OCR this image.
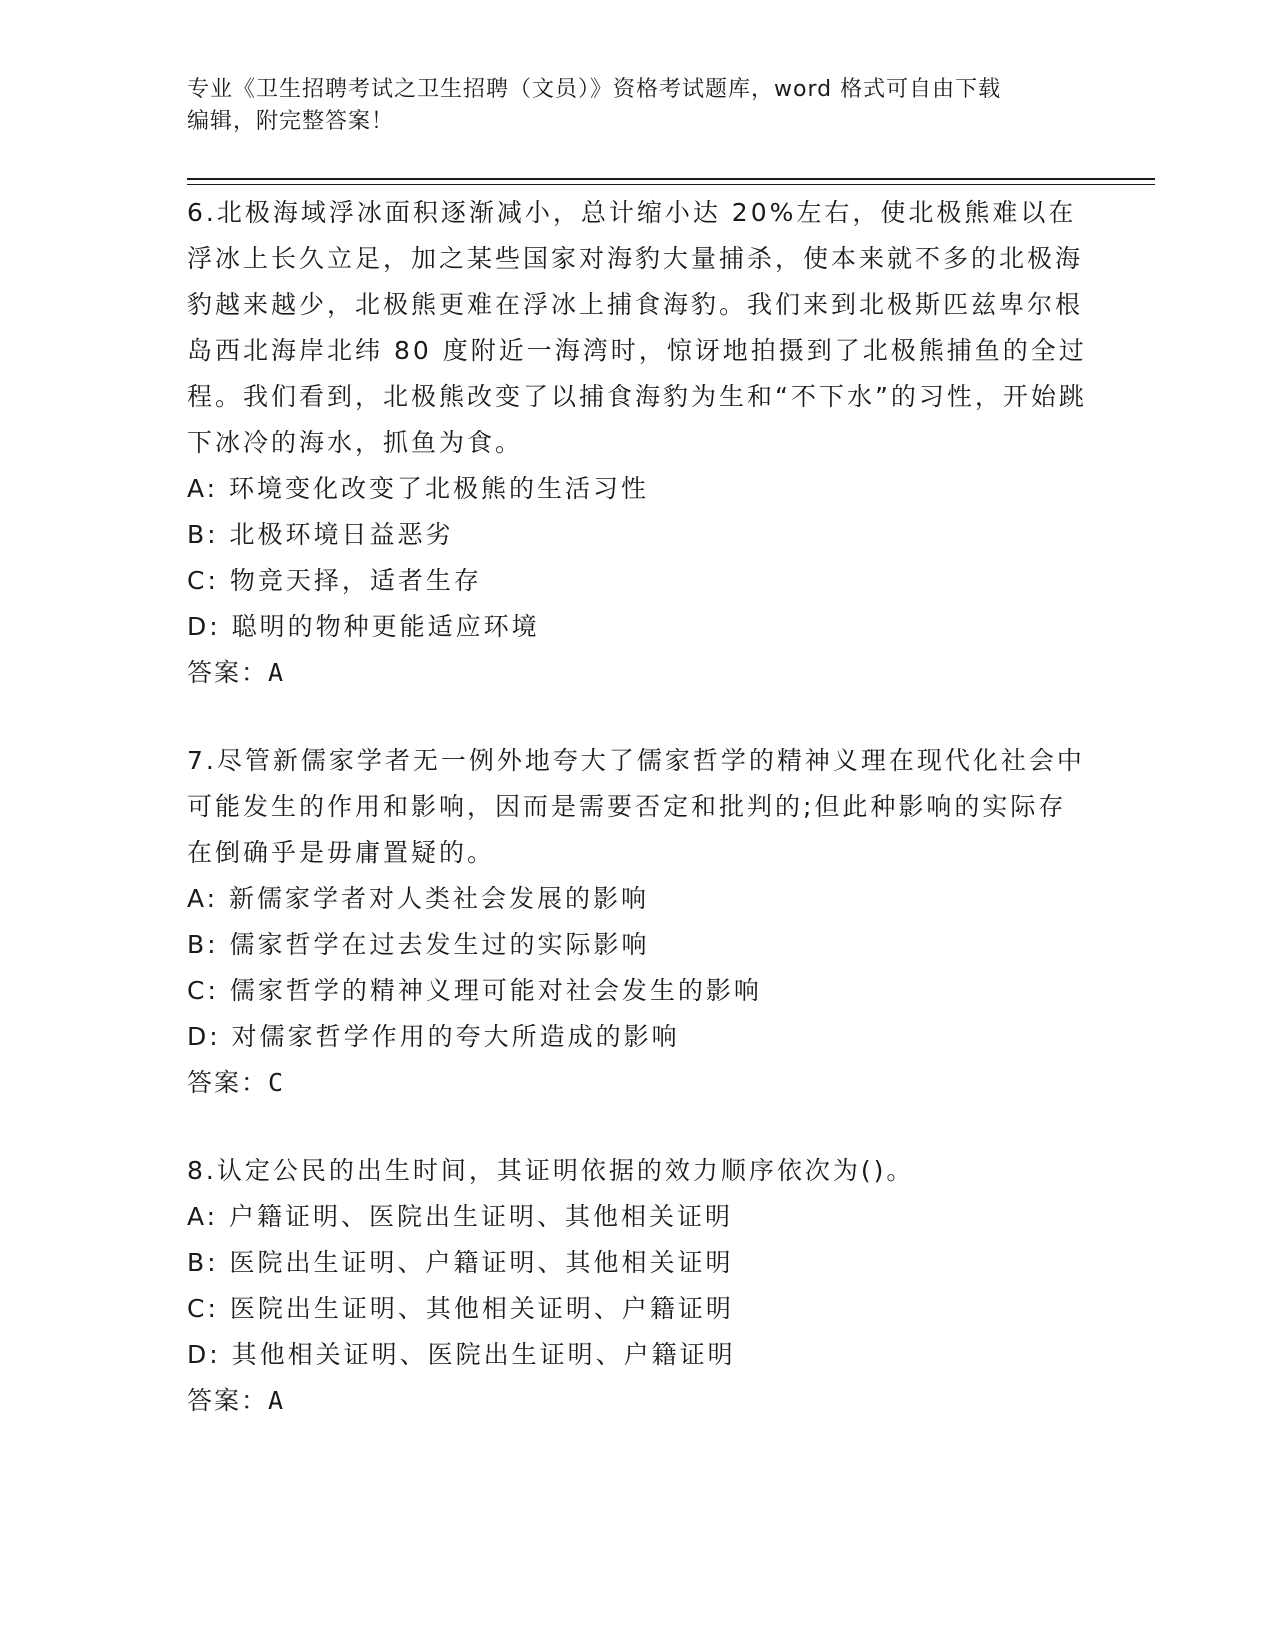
专业《卫生招聘考试之卫生招聘（文员）》资格考试题库，word 格式可自由下载
编辑，附完整答案！
6.北极海域浮冰面积逐渐减小，总计缩小达 20%左右，使北极熊难以在浮冰上长久立足，加之某些国家对海豹大量捕杀，使本来就不多的北极海豹越来越少，北极熊更难在浮冰上捕食海豹。我们来到北极斯匹兹卑尔根岛西北海岸北纬 80 度附近一海湾时，惊讶地拍摄到了北极熊捕鱼的全过程。我们看到，北极熊改变了以捕食海豹为生和“不下水”的习性，开始跳下冰冷的海水，抓鱼为食。
A: 环境变化改变了北极熊的生活习性
B: 北极环境日益恶劣
C: 物竞天择，适者生存
D: 聪明的物种更能适应环境
答案：A
7.尽管新儒家学者无一例外地夸大了儒家哲学的精神义理在现代化社会中可能发生的作用和影响，因而是需要否定和批判的;但此种影响的实际存在倒确乎是毋庸置疑的。
A: 新儒家学者对人类社会发展的影响
B: 儒家哲学在过去发生过的实际影响
C: 儒家哲学的精神义理可能对社会发生的影响
D: 对儒家哲学作用的夸大所造成的影响
答案：C
8.认定公民的出生时间，其证明依据的效力顺序依次为()。
A: 户籍证明、医院出生证明、其他相关证明
B: 医院出生证明、户籍证明、其他相关证明
C: 医院出生证明、其他相关证明、户籍证明
D: 其他相关证明、医院出生证明、户籍证明
答案：A
